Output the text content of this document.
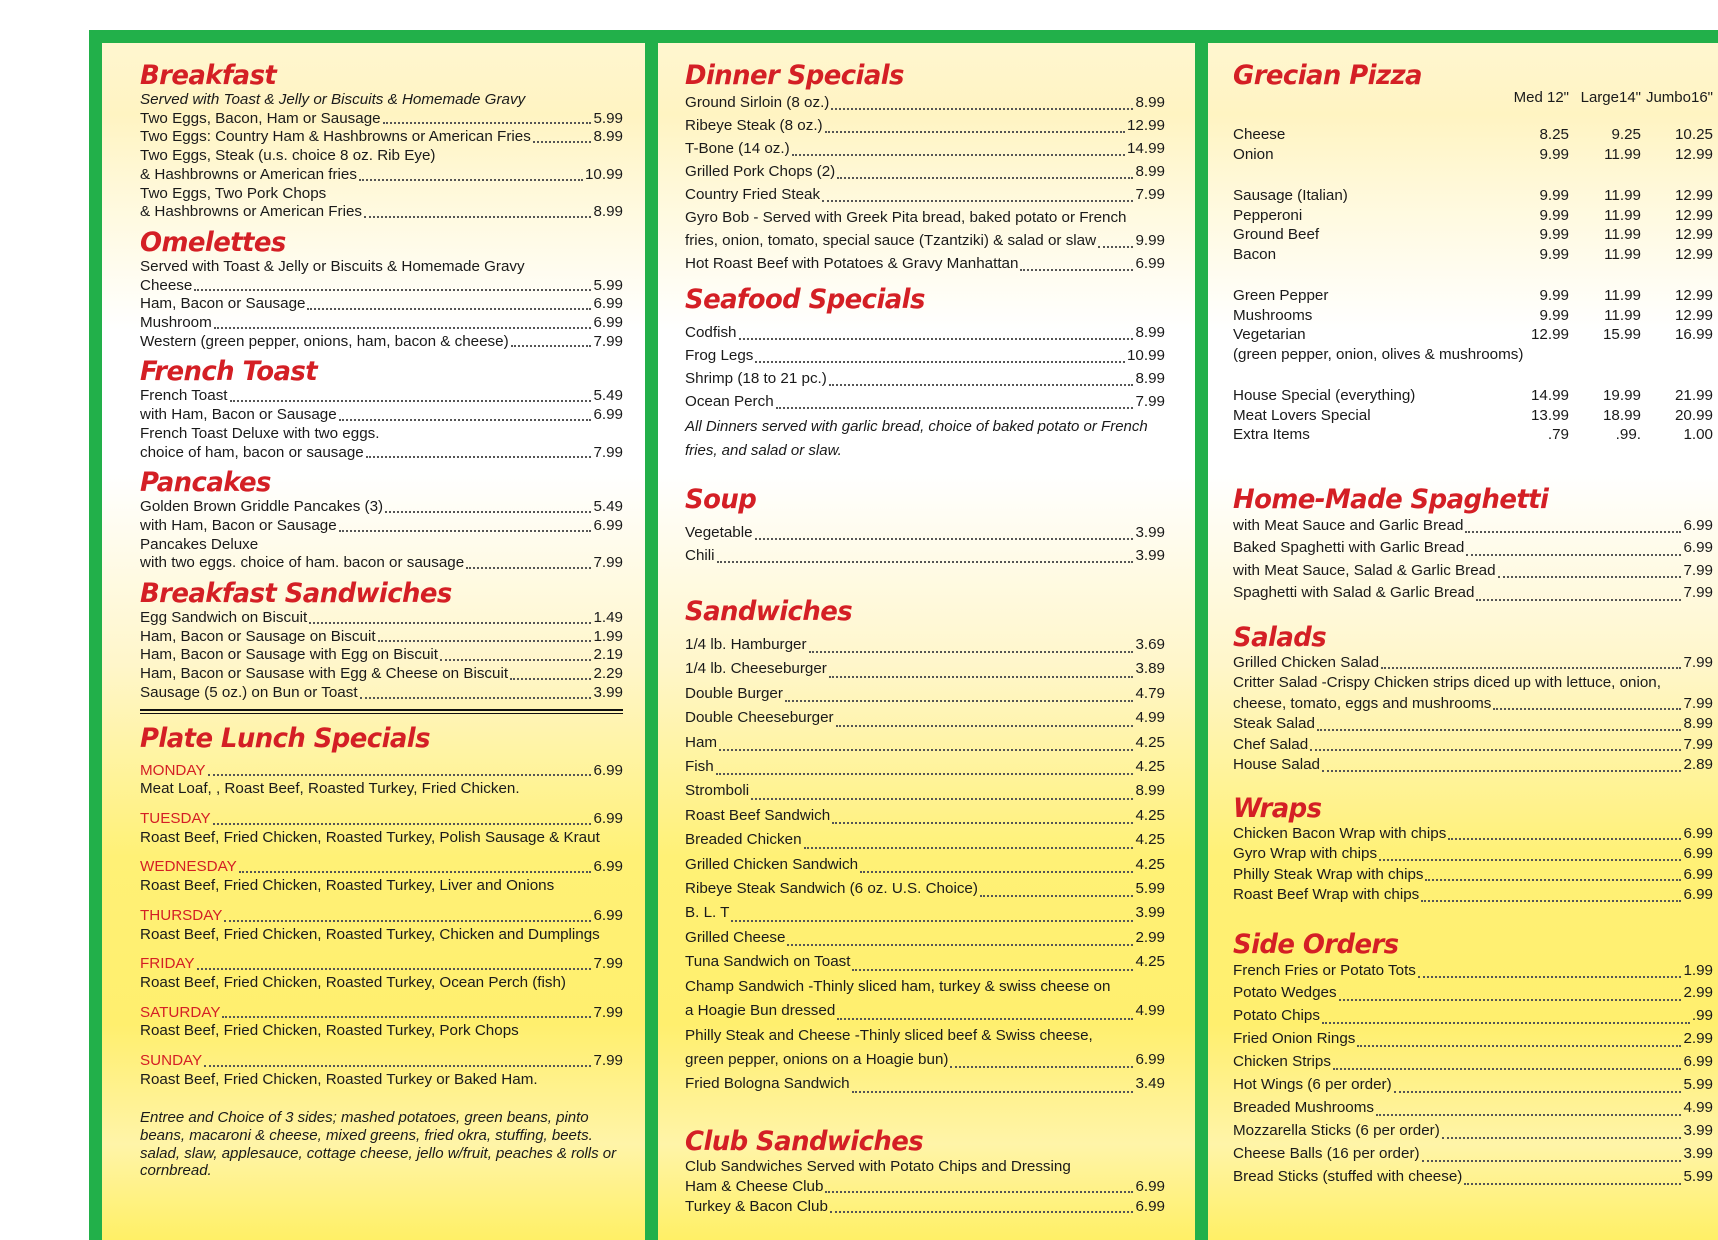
Breakfast
Served with Toast & Jelly or Biscuits & Homemade Gravy
Two Eggs, Bacon, Ham or Sausage	5.99
Two Eggs: Country Ham & Hashbrowns or American Fries	8.99
Two Eggs, Steak (u.s. choice 8 oz. Rib Eye)
& Hashbrowns or American fries	10.99
Two Eggs, Two Pork Chops
& Hashbrowns or American Fries	8.99
Omelettes
Served with Toast & Jelly or Biscuits & Homemade Gravy
Cheese	5.99
Ham, Bacon or Sausage	6.99
Mushroom	6.99
Western (green pepper, onions, ham, bacon & cheese)	7.99
French Toast
French Toast	5.49
with Ham, Bacon or Sausage	6.99
French Toast Deluxe with two eggs.
choice of ham, bacon or sausage	7.99
Pancakes
Golden Brown Griddle Pancakes (3)	5.49
with Ham, Bacon or Sausage	6.99
Pancakes Deluxe
with two eggs. choice of ham. bacon or sausage	7.99
Breakfast Sandwiches
Egg Sandwich on Biscuit	1.49
Ham, Bacon or Sausage on Biscuit	1.99
Ham, Bacon or Sausage with Egg on Biscuit	2.19
Ham, Bacon or Sausase with Egg & Cheese on Biscuit	2.29
Sausage (5 oz.) on Bun or Toast	3.99
Plate Lunch Specials
MONDAY	6.99
Meat Loaf, , Roast Beef, Roasted Turkey, Fried Chicken.
TUESDAY	6.99
Roast Beef, Fried Chicken, Roasted Turkey, Polish Sausage & Kraut
WEDNESDAY	6.99
Roast Beef, Fried Chicken, Roasted Turkey, Liver and Onions
THURSDAY	6.99
Roast Beef, Fried Chicken, Roasted Turkey, Chicken and Dumplings
FRIDAY	7.99
Roast Beef, Fried Chicken, Roasted Turkey, Ocean Perch (fish)
SATURDAY	7.99
Roast Beef, Fried Chicken, Roasted Turkey, Pork Chops
SUNDAY	7.99
Roast Beef, Fried Chicken, Roasted Turkey or Baked Ham.
Entree and Choice of 3 sides; mashed potatoes, green beans, pinto beans, macaroni & cheese, mixed greens, fried okra, stuffing, beets. salad, slaw, applesauce, cottage cheese, jello w/fruit, peaches & rolls or cornbread.
Dinner Specials
Ground Sirloin (8 oz.)	8.99
Ribeye Steak (8 oz.)	12.99
T-Bone (14 oz.)	14.99
Grilled Pork Chops (2)	8.99
Country Fried Steak	7.99
Gyro Bob - Served with Greek Pita bread, baked potato or French
fries, onion, tomato, special sauce (Tzantziki) & salad or slaw	9.99
Hot Roast Beef with Potatoes & Gravy Manhattan	6.99
Seafood Specials
Codfish	8.99
Frog Legs	10.99
Shrimp (18 to 21 pc.)	8.99
Ocean Perch	7.99
All Dinners served with garlic bread, choice of baked potato or French fries, and salad or slaw.
Soup
Vegetable	3.99
Chili	3.99
Sandwiches
1/4 lb. Hamburger	3.69
1/4 lb. Cheeseburger	3.89
Double Burger	4.79
Double Cheeseburger	4.99
Ham	4.25
Fish	4.25
Stromboli	8.99
Roast Beef Sandwich	4.25
Breaded Chicken	4.25
Grilled Chicken Sandwich	4.25
Ribeye Steak Sandwich (6 oz. U.S. Choice)	5.99
B. L. T	3.99
Grilled Cheese	2.99
Tuna Sandwich on Toast	4.25
Champ Sandwich -Thinly sliced ham, turkey & swiss cheese on
a Hoagie Bun dressed	4.99
Philly Steak and Cheese -Thinly sliced beef & Swiss cheese,
green pepper, onions on a Hoagie bun)	6.99
Fried Bologna Sandwich	3.49
Club Sandwiches
Club Sandwiches Served with Potato Chips and Dressing
Ham & Cheese Club	6.99
Turkey & Bacon Club	6.99
Grecian Pizza
Med 12" Large14" Jumbo16"
Cheese	8.25	9.25	10.25
Onion	9.99	11.99	12.99
Sausage (Italian)	9.99	11.99	12.99
Pepperoni	9.99	11.99	12.99
Ground Beef	9.99	11.99	12.99
Bacon	9.99	11.99	12.99
Green Pepper	9.99	11.99	12.99
Mushrooms	9.99	11.99	12.99
Vegetarian	12.99	15.99	16.99
(green pepper, onion, olives & mushrooms)
House Special (everything)	14.99	19.99	21.99
Meat Lovers Special	13.99	18.99	20.99
Extra Items	.79	.99.	1.00
Home-Made Spaghetti
with Meat Sauce and Garlic Bread	6.99
Baked Spaghetti with Garlic Bread	6.99
with Meat Sauce, Salad & Garlic Bread	7.99
Spaghetti with Salad & Garlic Bread	7.99
Salads
Grilled Chicken Salad	7.99
Critter Salad -Crispy Chicken strips diced up with lettuce, onion,
cheese, tomato, eggs and mushrooms	7.99
Steak Salad	8.99
Chef Salad	7.99
House Salad	2.89
Wraps
Chicken Bacon Wrap with chips	6.99
Gyro Wrap with chips	6.99
Philly Steak Wrap with chips	6.99
Roast Beef Wrap with chips	6.99
Side Orders
French Fries or Potato Tots	1.99
Potato Wedges	2.99
Potato Chips	.99
Fried Onion Rings	2.99
Chicken Strips	6.99
Hot Wings (6 per order)	5.99
Breaded Mushrooms	4.99
Mozzarella Sticks (6 per order)	3.99
Cheese Balls (16 per order)	3.99
Bread Sticks (stuffed with cheese)	5.99
